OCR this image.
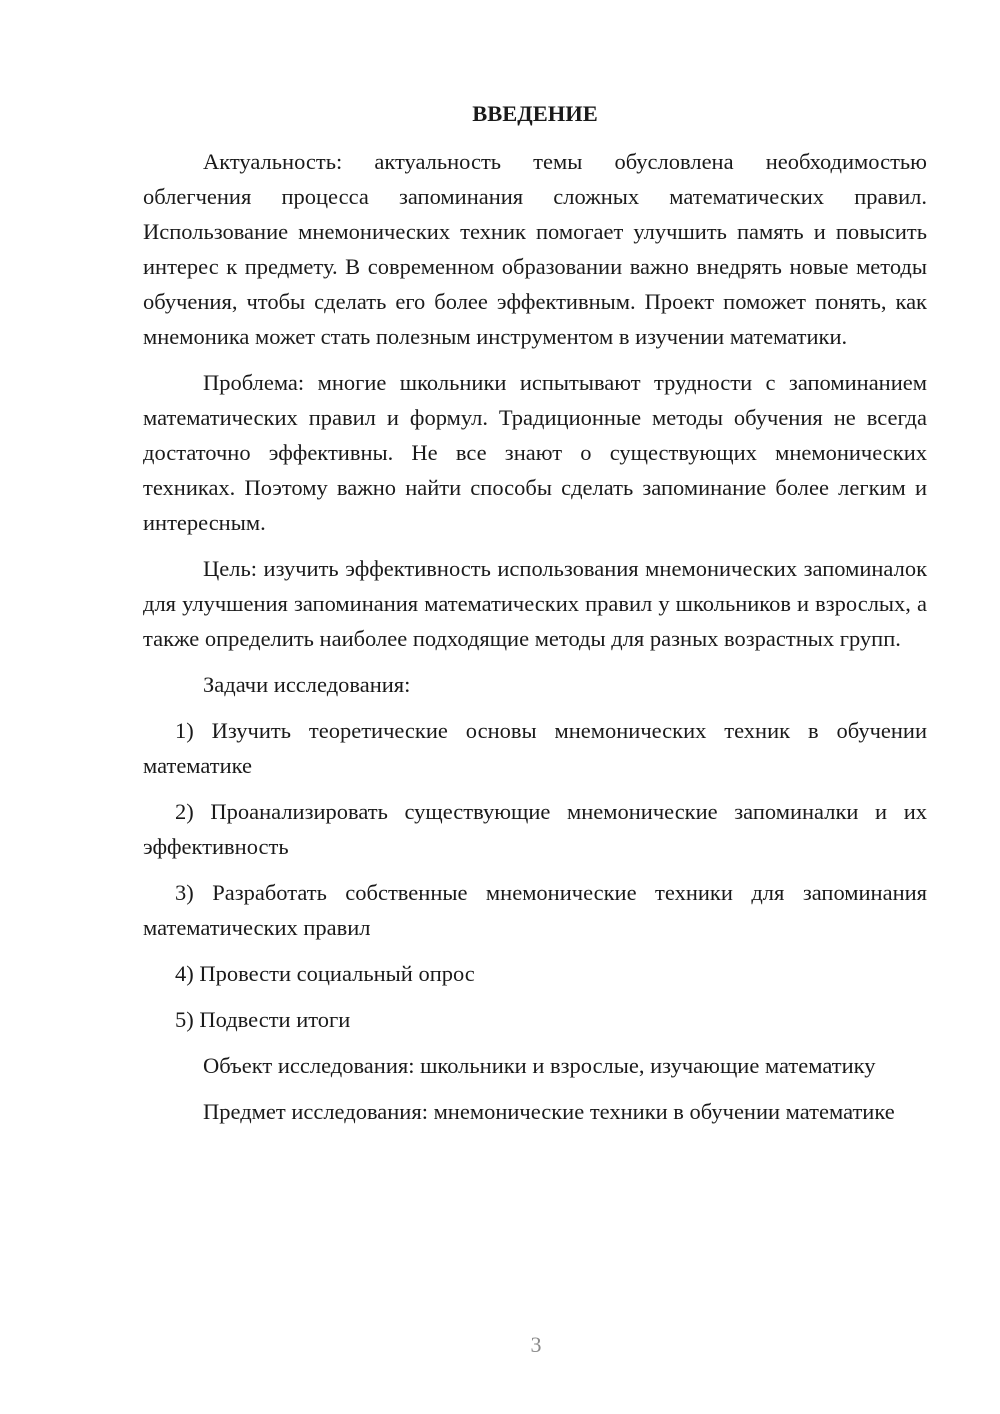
ВВЕДЕНИЕ

Актуальность: актуальность темы обусловлена необходимостью облегчения процесса запоминания сложных математических правил. Использование мнемонических техник помогает улучшить память и повысить интерес к предмету. В современном образовании важно внедрять новые методы обучения, чтобы сделать его более эффективным. Проект поможет понять, как мнемоника может стать полезным инструментом в изучении математики.

Проблема: многие школьники испытывают трудности с запоминанием математических правил и формул. Традиционные методы обучения не всегда достаточно эффективны. Не все знают о существующих мнемонических техниках. Поэтому важно найти способы сделать запоминание более легким и интересным.

Цель: изучить эффективность использования мнемонических запоминалок для улучшения запоминания математических правил у школьников и взрослых, а также определить наиболее подходящие методы для разных возрастных групп.

Задачи исследования:

1) Изучить теоретические основы мнемонических техник в обучении математике

2) Проанализировать существующие мнемонические запоминалки и их эффективность

3) Разработать собственные мнемонические техники для запоминания математических правил

4) Провести социальный опрос

5) Подвести итоги

Объект исследования: школьники и взрослые, изучающие математику

Предмет исследования: мнемонические техники в обучении математике

3
